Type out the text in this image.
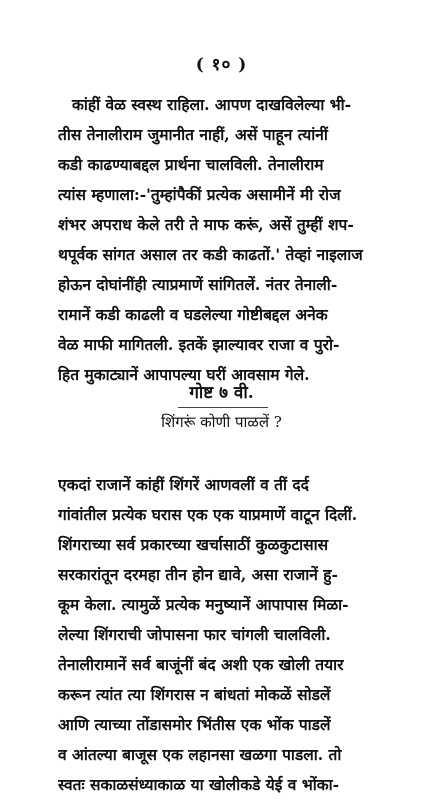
( १० )
कांहीं वेळ स्वस्थ राहिला. आपण दाखविलेल्या भी-
तीस तेनालीराम जुमानीत नाहीं, असें पाहून त्यांनीं
कडी काढण्याबद्दल प्रार्थना चालविली. तेनालीराम
त्यांस म्हणाला:-'तुम्हांपैकीं प्रत्येक असामीनें मी रोज
शंभर अपराध केले तरी ते माफ करूं, असें तुम्हीं शप-
थपूर्वक सांगत असाल तर कडी काढतों.' तेव्हां नाइलाज
होऊन दोघांनींही त्याप्रमाणें सांगितलें. नंतर तेनाली-
रामानें कडी काढली व घडलेल्या गोष्टीबद्दल अनेक
वेळ माफी मागितली. इतकें झाल्यावर राजा व पुरो-
हित मुकाट्यानें आपापल्या घरीं आवसाम गेले.
गोष्ट ७ वी.
शिंगरूं कोणी पाळलें ?
एकदां राजानें कांहीं शिंगरें आणवलीं व तीं दर्द
गांवांतील प्रत्येक घरास एक एक याप्रमाणें वाटून दिलीं.
शिंगराच्या सर्व प्रकारच्या खर्चासाठीं कुळकुटासास
सरकारांतून दरमहा तीन होन द्यावे, असा राजानें हु-
कूम केला. त्यामुळें प्रत्येक मनुष्यानें आपापास मिळा-
लेल्या शिंगराची जोपासना फार चांगली चालविली.
तेनालीरामानें सर्व बाजूंनीं बंद अशी एक खोली तयार
करून त्यांत त्या शिंगरास न बांधतां मोकळें सोडलें
आणि त्याच्या तोंडासमोर भिंतीस एक भोंक पाडलें
व आंतल्या बाजूस एक लहानसा खळगा पाडला. तो
स्वतः सकाळसंध्याकाळ या खोलीकडे येई व भोंका-
